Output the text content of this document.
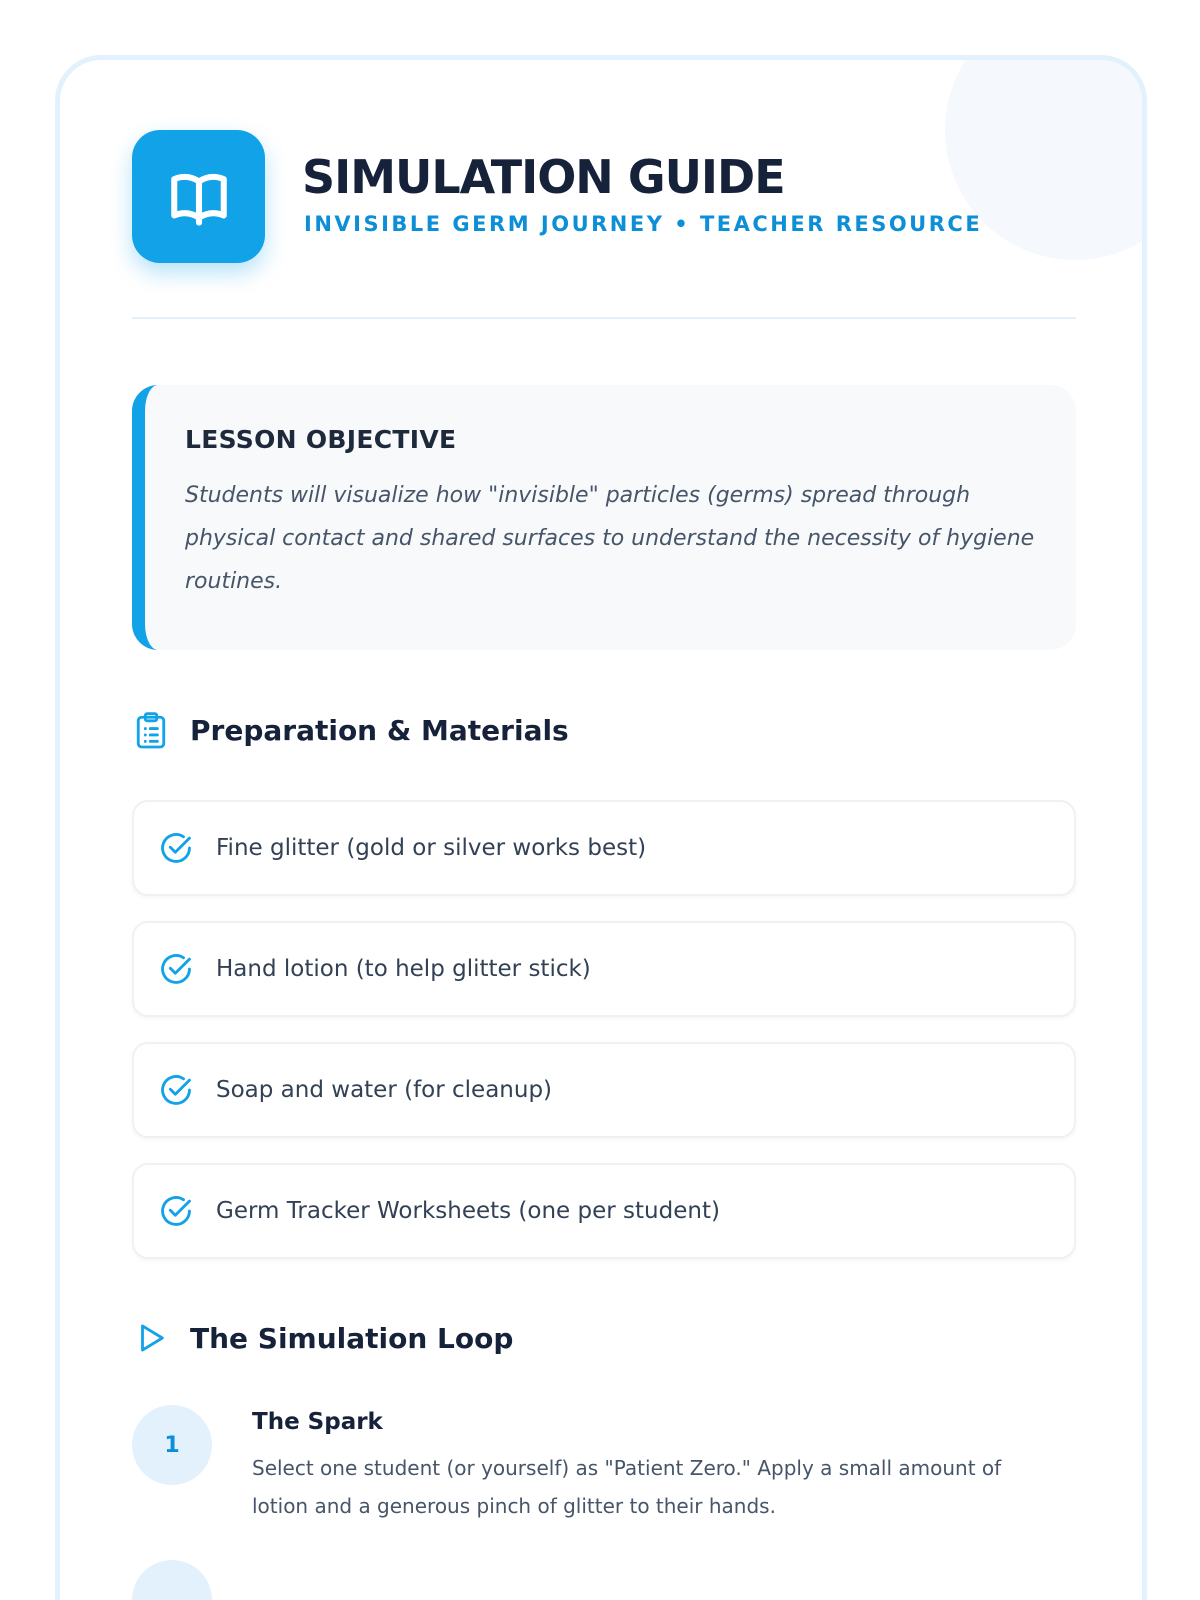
SIMULATION GUIDE
INVISIBLE GERM JOURNEY • TEACHER RESOURCE
LESSON OBJECTIVE
Students will visualize how "invisible" particles (germs) spread through physical contact and shared surfaces to understand the necessity of hygiene routines.
Preparation & Materials
Fine glitter (gold or silver works best)
Hand lotion (to help glitter stick)
Soap and water (for cleanup)
Germ Tracker Worksheets (one per student)
The Simulation Loop
1
The Spark
Select one student (or yourself) as "Patient Zero." Apply a small amount of lotion and a generous pinch of glitter to their hands.
